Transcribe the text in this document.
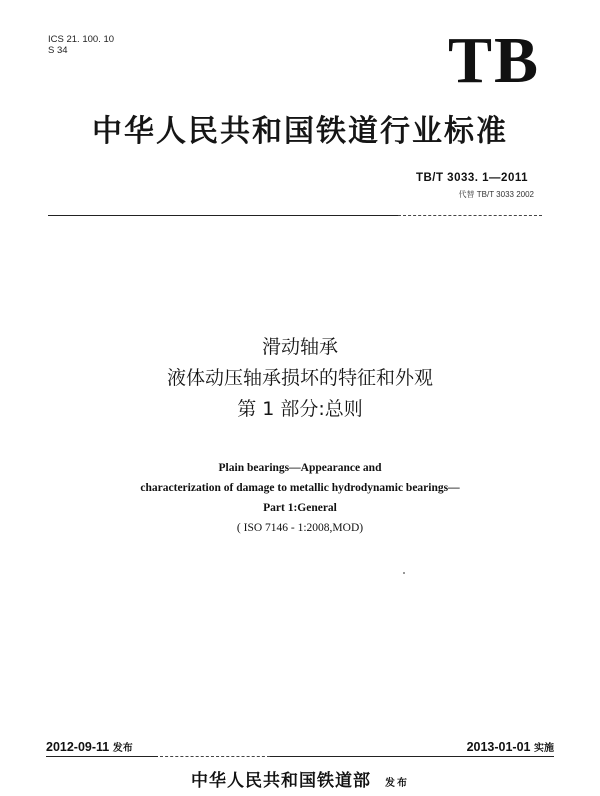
ICS 21. 100. 10
S 34	TB
中华人民共和国铁道行业标准
TB/T 3033. 1—2011
代替 TB/T 3033 2002
滑动轴承
液体动压轴承损坏的特征和外观
第 1 部分:总则
Plain bearings—Appearance and
characterization of damage to metallic hydrodynamic bearings—
Part 1:General
( ISO 7146 - 1:2008,MOD)
2012-09-11 发布	2013-01-01 实施
中华人民共和国铁道部 发布
